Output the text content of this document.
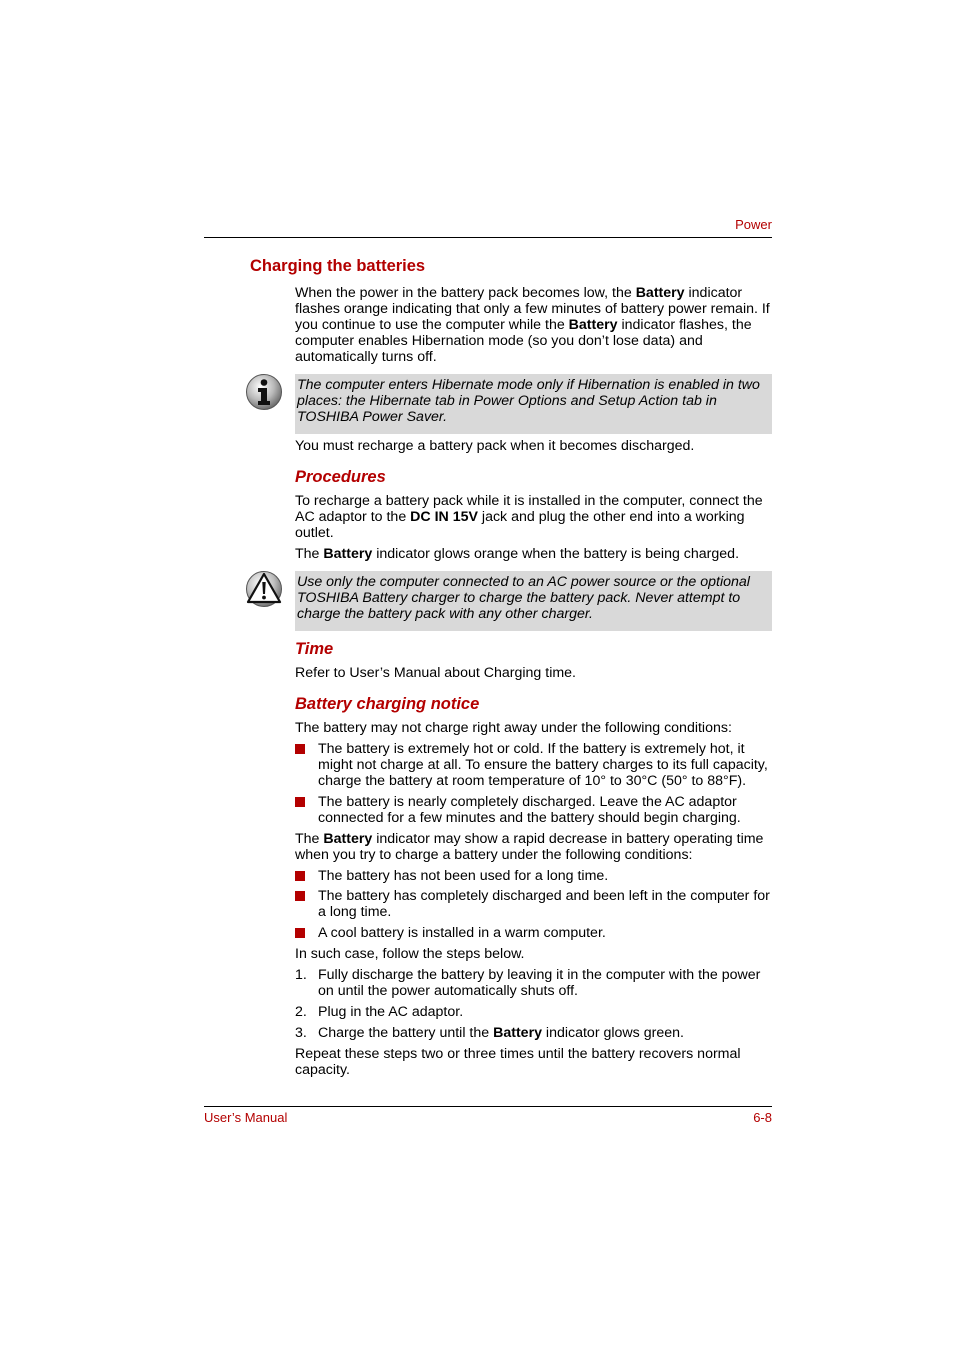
Power
Charging the batteries
When the power in the battery pack becomes low, the Battery indicator flashes orange indicating that only a few minutes of battery power remain. If you continue to use the computer while the Battery indicator flashes, the computer enables Hibernation mode (so you don’t lose data) and automatically turns off.
The computer enters Hibernate mode only if Hibernation is enabled in two places: the Hibernate tab in Power Options and Setup Action tab in TOSHIBA Power Saver.
You must recharge a battery pack when it becomes discharged.
Procedures
To recharge a battery pack while it is installed in the computer, connect the AC adaptor to the DC IN 15V jack and plug the other end into a working outlet.
The Battery indicator glows orange when the battery is being charged.
Use only the computer connected to an AC power source or the optional TOSHIBA Battery charger to charge the battery pack. Never attempt to charge the battery pack with any other charger.
Time
Refer to User’s Manual about Charging time.
Battery charging notice
The battery may not charge right away under the following conditions:
The battery is extremely hot or cold. If the battery is extremely hot, it might not charge at all. To ensure the battery charges to its full capacity, charge the battery at room temperature of 10° to 30°C (50° to 88°F).
The battery is nearly completely discharged. Leave the AC adaptor connected for a few minutes and the battery should begin charging.
The Battery indicator may show a rapid decrease in battery operating time when you try to charge a battery under the following conditions:
The battery has not been used for a long time.
The battery has completely discharged and been left in the computer for a long time.
A cool battery is installed in a warm computer.
In such case, follow the steps below.
1. Fully discharge the battery by leaving it in the computer with the power on until the power automatically shuts off.
2. Plug in the AC adaptor.
3. Charge the battery until the Battery indicator glows green.
Repeat these steps two or three times until the battery recovers normal capacity.
User’s Manual	6-8
